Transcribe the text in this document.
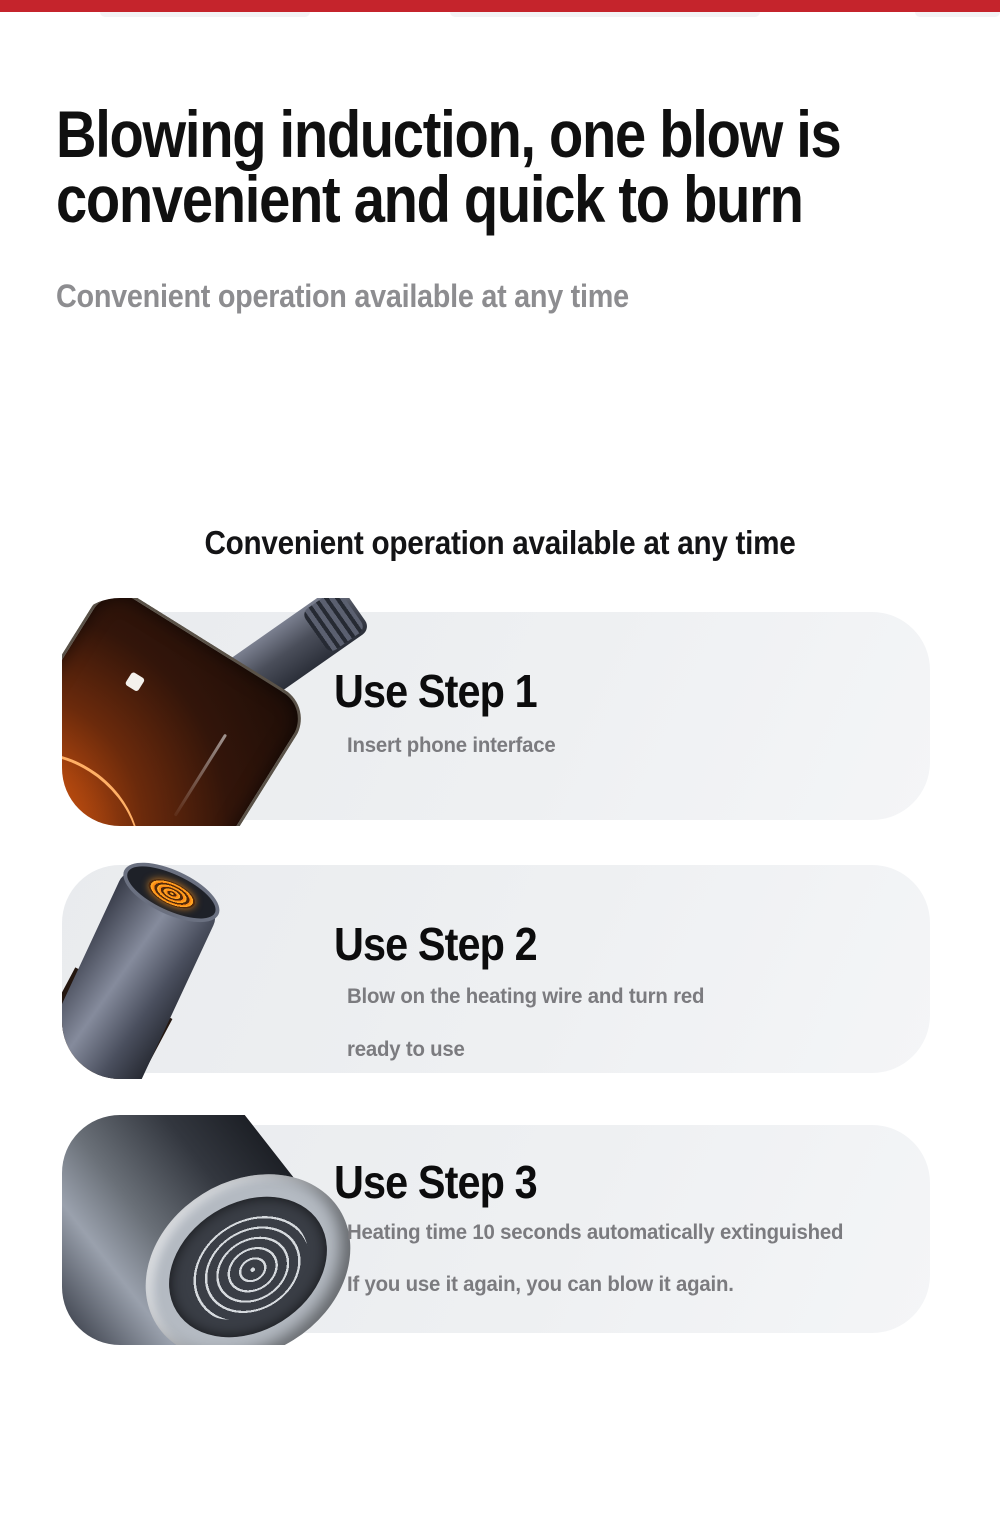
Blowing induction, one blow is
convenient and quick to burn
Convenient operation available at any time
Convenient operation available at any time
Use Step 1
Insert phone interface
Use Step 2
Blow on the heating wire and turn red
ready to use
Use Step 3
Heating time 10 seconds automatically extinguished
If you use it again, you can blow it again.
